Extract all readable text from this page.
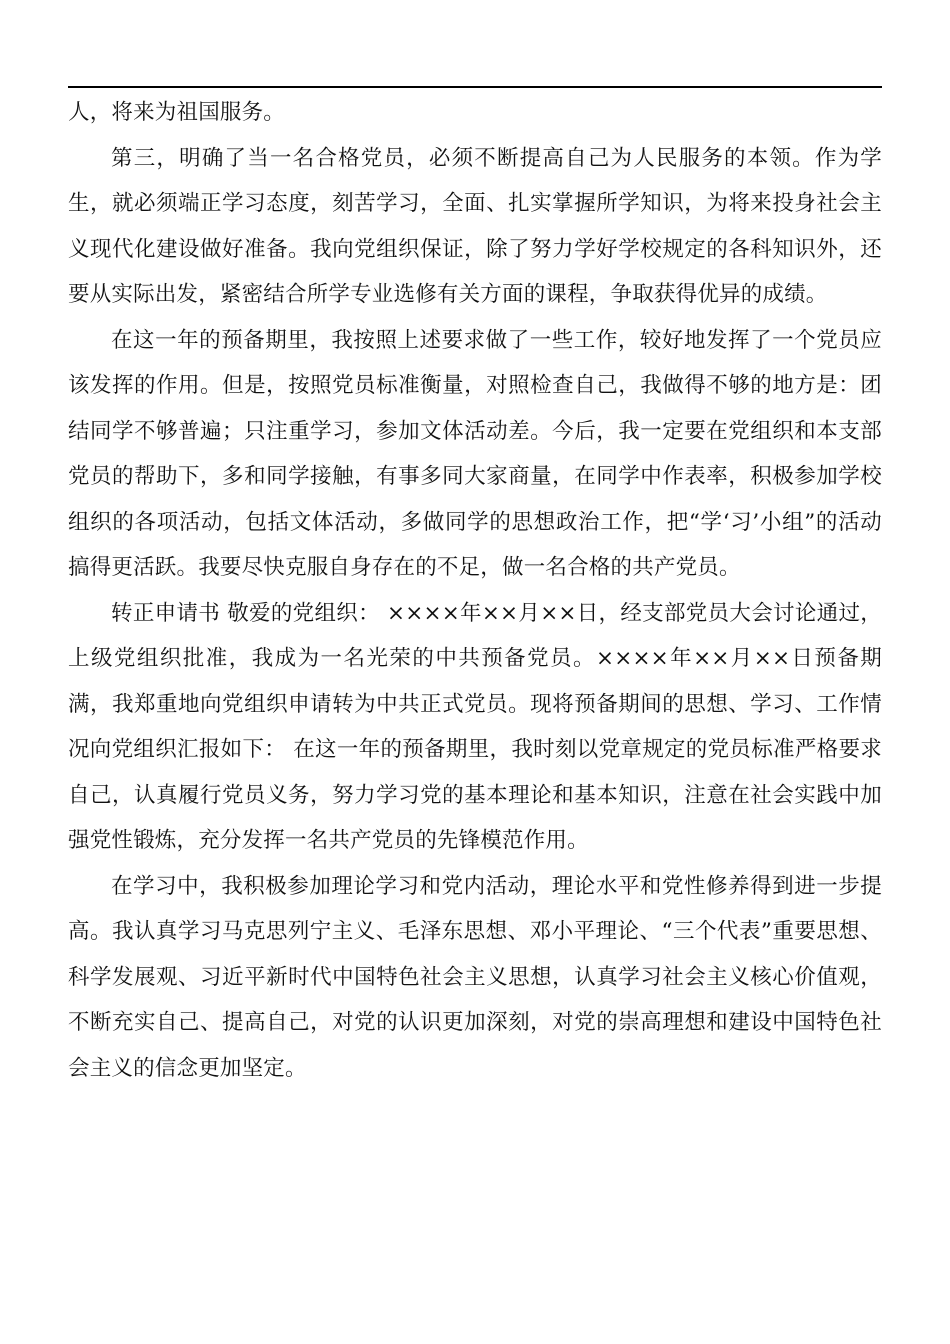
人，将来为祖国服务。

第三，明确了当一名合格党员，必须不断提高自己为人民服务的本领。作为学生，就必须端正学习态度，刻苦学习，全面、扎实掌握所学知识，为将来投身社会主义现代化建设做好准备。我向党组织保证，除了努力学好学校规定的各科知识外，还要从实际出发，紧密结合所学专业选修有关方面的课程，争取获得优异的成绩。

在这一年的预备期里，我按照上述要求做了一些工作，较好地发挥了一个党员应该发挥的作用。但是，按照党员标准衡量，对照检查自己，我做得不够的地方是：团结同学不够普遍；只注重学习，参加文体活动差。今后，我一定要在党组织和本支部党员的帮助下，多和同学接触，有事多同大家商量，在同学中作表率，积极参加学校组织的各项活动，包括文体活动，多做同学的思想政治工作，把“学‘习’小组”的活动搞得更活跃。我要尽快克服自身存在的不足，做一名合格的共产党员。

转正申请书 敬爱的党组织： ××××年××月××日，经支部党员大会讨论通过，上级党组织批准，我成为一名光荣的中共预备党员。××××年××月××日预备期满，我郑重地向党组织申请转为中共正式党员。现将预备期间的思想、学习、工作情况向党组织汇报如下： 在这一年的预备期里，我时刻以党章规定的党员标准严格要求自己，认真履行党员义务，努力学习党的基本理论和基本知识，注意在社会实践中加强党性锻炼，充分发挥一名共产党员的先锋模范作用。

在学习中，我积极参加理论学习和党内活动，理论水平和党性修养得到进一步提高。我认真学习马克思列宁主义、毛泽东思想、邓小平理论、“三个代表”重要思想、科学发展观、习近平新时代中国特色社会主义思想，认真学习社会主义核心价值观，不断充实自己、提高自己，对党的认识更加深刻，对党的崇高理想和建设中国特色社会主义的信念更加坚定。
